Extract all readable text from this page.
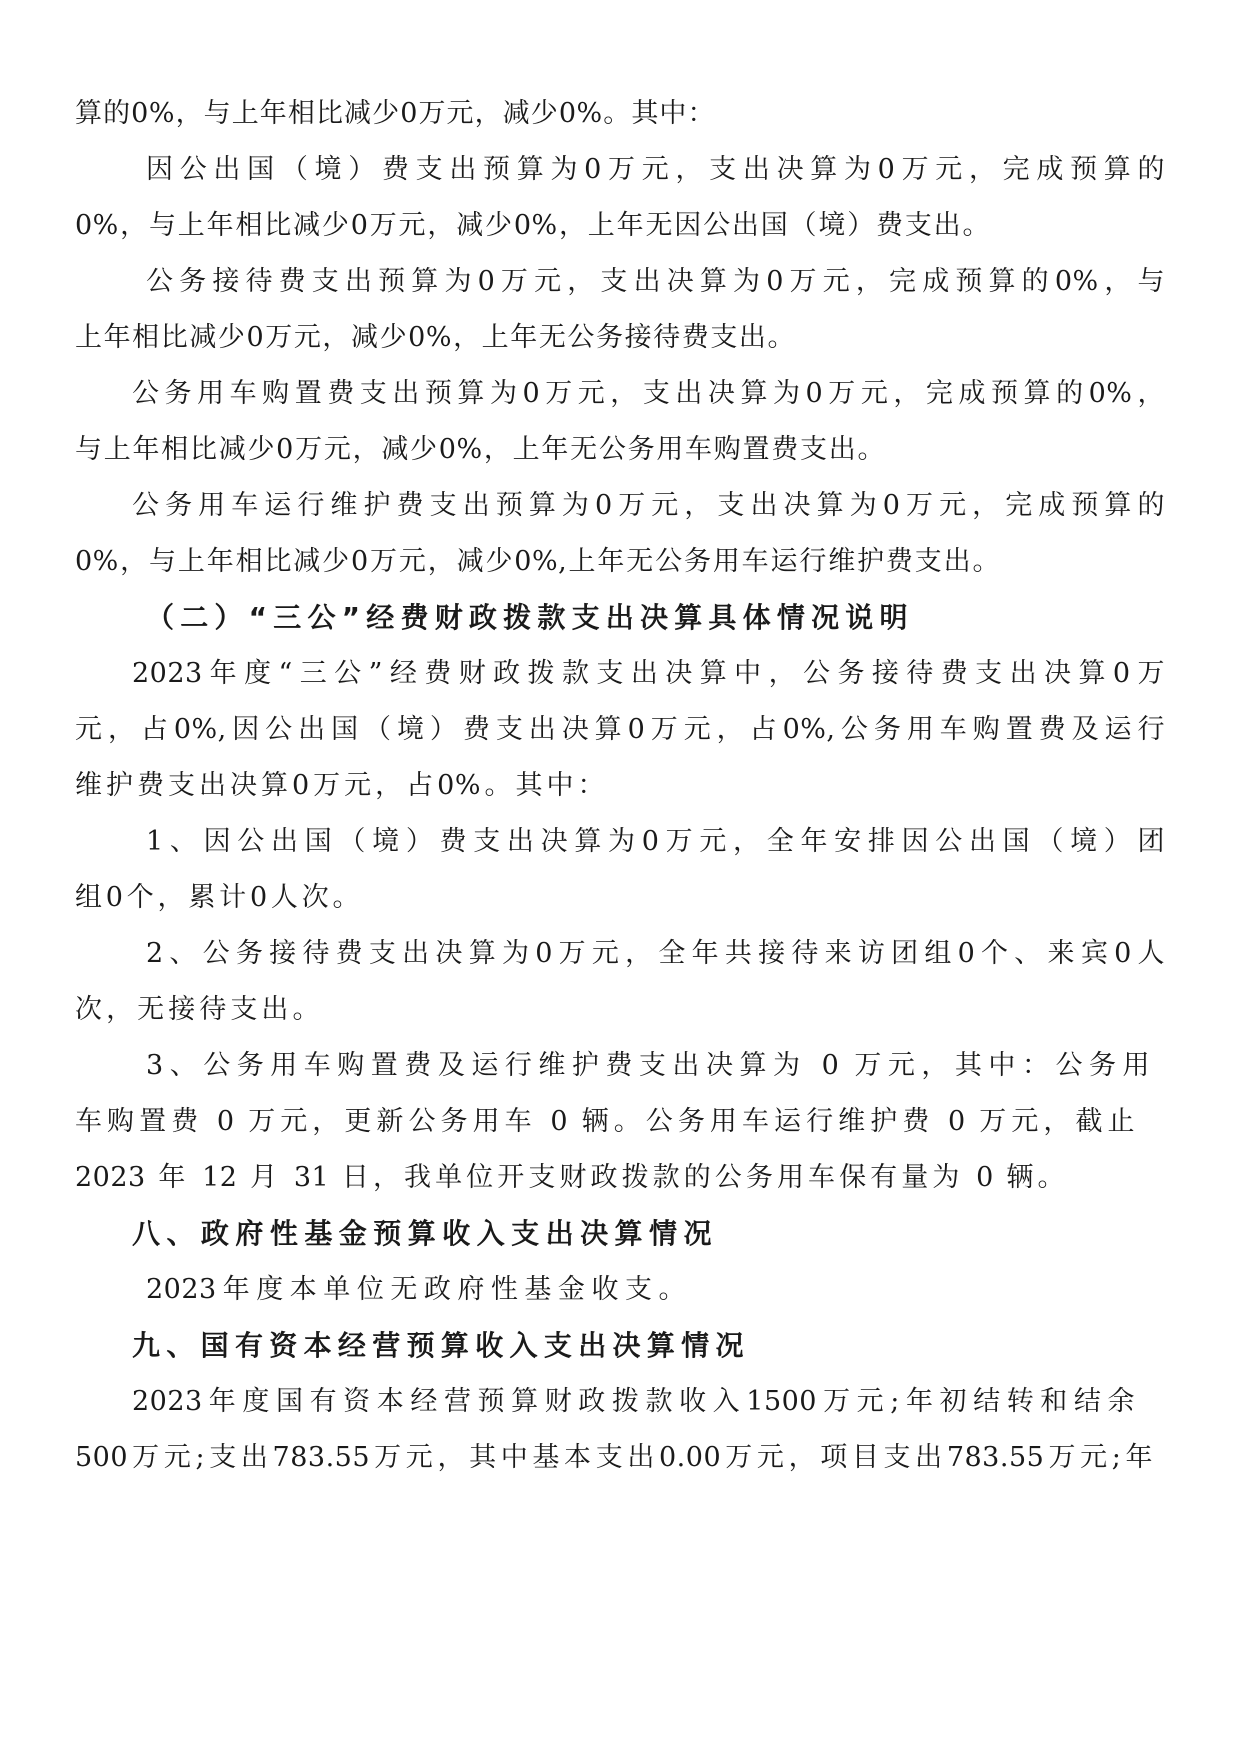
算的0%，与上年相比减少0万元，减少0%。其中：
因公出国（境）费支出预算为0万元，支出决算为0万元，完成预算的
0%，与上年相比减少0万元，减少0%，上年无因公出国（境）费支出。
公务接待费支出预算为0万元，支出决算为0万元，完成预算的0%，与
上年相比减少0万元，减少0%，上年无公务接待费支出。
公务用车购置费支出预算为0万元，支出决算为0万元，完成预算的0%，
与上年相比减少0万元，减少0%，上年无公务用车购置费支出。
公务用车运行维护费支出预算为0万元，支出决算为0万元，完成预算的
0%，与上年相比减少0万元，减少0%,上年无公务用车运行维护费支出。
（二）“三公”经费财政拨款支出决算具体情况说明
2023年度“三公”经费财政拨款支出决算中，公务接待费支出决算0万
元，占0%,因公出国（境）费支出决算0万元，占0%,公务用车购置费及运行
维护费支出决算0万元，占0%。其中：
1、因公出国（境）费支出决算为0万元，全年安排因公出国（境）团
组0个，累计0人次。
2、公务接待费支出决算为0万元，全年共接待来访团组0个、来宾0人
次，无接待支出。
3、公务用车购置费及运行维护费支出决算为 0 万元，其中：公务用
车购置费 0 万元，更新公务用车 0 辆。公务用车运行维护费 0 万元，截止
2023 年 12 月 31 日，我单位开支财政拨款的公务用车保有量为 0 辆。
八、政府性基金预算收入支出决算情况
2023年度本单位无政府性基金收支。
九、国有资本经营预算收入支出决算情况
2023年度国有资本经营预算财政拨款收入1500万元;年初结转和结余
500万元;支出783.55万元，其中基本支出0.00万元，项目支出783.55万元;年
